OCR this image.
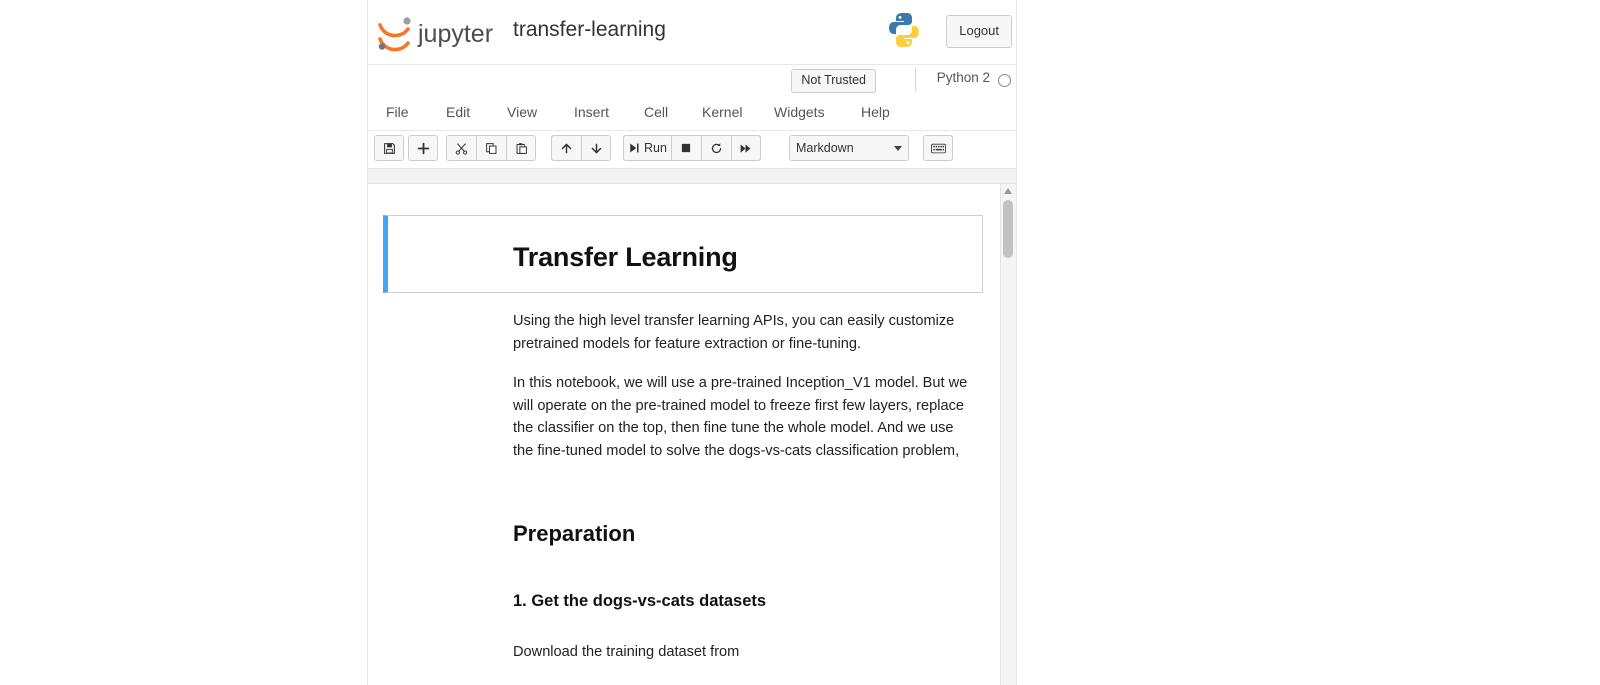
jupyter transfer-learning	Logout
Not Trusted	Python 2
File	Edit	View	Insert	Cell	Kernel	Widgets	Help
Run	Markdown
Transfer Learning
Using the high level transfer learning APIs, you can easily customize pretrained models for feature extraction or fine-tuning.
In this notebook, we will use a pre-trained Inception_V1 model. But we will operate on the pre-trained model to freeze first few layers, replace the classifier on the top, then fine tune the whole model. And we use the fine-tuned model to solve the dogs-vs-cats classification problem,
Preparation
1. Get the dogs-vs-cats datasets
Download the training dataset from
